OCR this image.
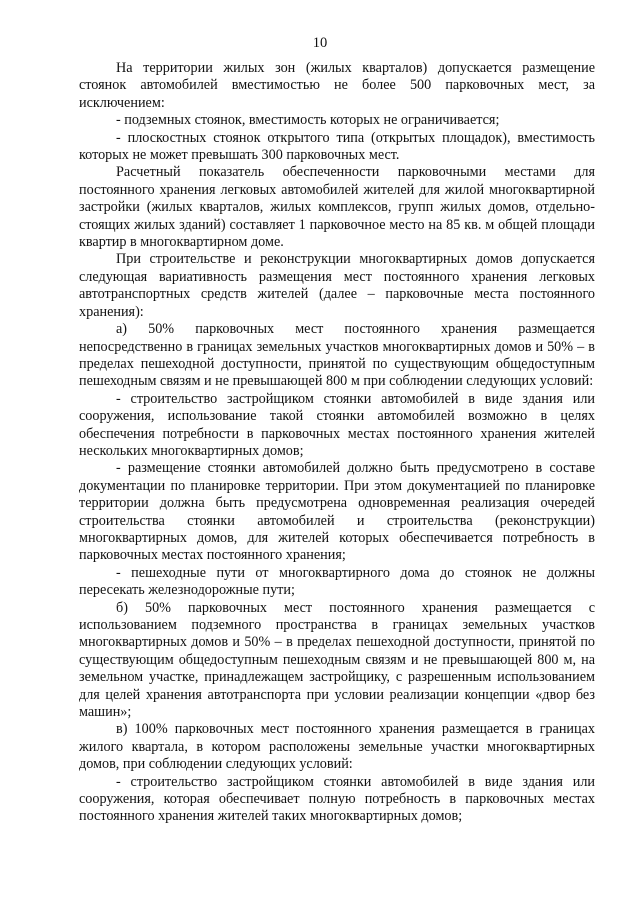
10

На территории жилых зон (жилых кварталов) допускается размещение стоянок автомобилей вместимостью не более 500 парковочных мест, за исключением:

- подземных стоянок, вместимость которых не ограничивается;

- плоскостных стоянок открытого типа (открытых площадок), вместимость которых не может превышать 300 парковочных мест.

Расчетный показатель обеспеченности парковочными местами для постоянного хранения легковых автомобилей жителей для жилой многоквартирной застройки (жилых кварталов, жилых комплексов, групп жилых домов, отдельно-стоящих жилых зданий) составляет 1 парковочное место на 85 кв. м общей площади квартир в многоквартирном доме.

При строительстве и реконструкции многоквартирных домов допускается следующая вариативность размещения мест постоянного хранения легковых автотранспортных средств жителей (далее – парковочные места постоянного хранения):

а) 50% парковочных мест постоянного хранения размещается непосредственно в границах земельных участков многоквартирных домов и 50% – в пределах пешеходной доступности, принятой по существующим общедоступным пешеходным связям и не превышающей 800 м при соблюдении следующих условий:

- строительство застройщиком стоянки автомобилей в виде здания или сооружения, использование такой стоянки автомобилей возможно в целях обеспечения потребности в парковочных местах постоянного хранения жителей нескольких многоквартирных домов;

- размещение стоянки автомобилей должно быть предусмотрено в составе документации по планировке территории. При этом документацией по планировке территории должна быть предусмотрена одновременная реализация очередей строительства стоянки автомобилей и строительства (реконструкции) многоквартирных домов, для жителей которых обеспечивается потребность в парковочных местах постоянного хранения;

- пешеходные пути от многоквартирного дома до стоянок не должны пересекать железнодорожные пути;

б) 50% парковочных мест постоянного хранения размещается с использованием подземного пространства в границах земельных участков многоквартирных домов и 50% – в пределах пешеходной доступности, принятой по существующим общедоступным пешеходным связям и не превышающей 800 м, на земельном участке, принадлежащем застройщику, с разрешенным использованием для целей хранения автотранспорта при условии реализации концепции «двор без машин»;

в) 100% парковочных мест постоянного хранения размещается в границах жилого квартала, в котором расположены земельные участки многоквартирных домов, при соблюдении следующих условий:

- строительство застройщиком стоянки автомобилей в виде здания или сооружения, которая обеспечивает полную потребность в парковочных местах постоянного хранения жителей таких многоквартирных домов;
